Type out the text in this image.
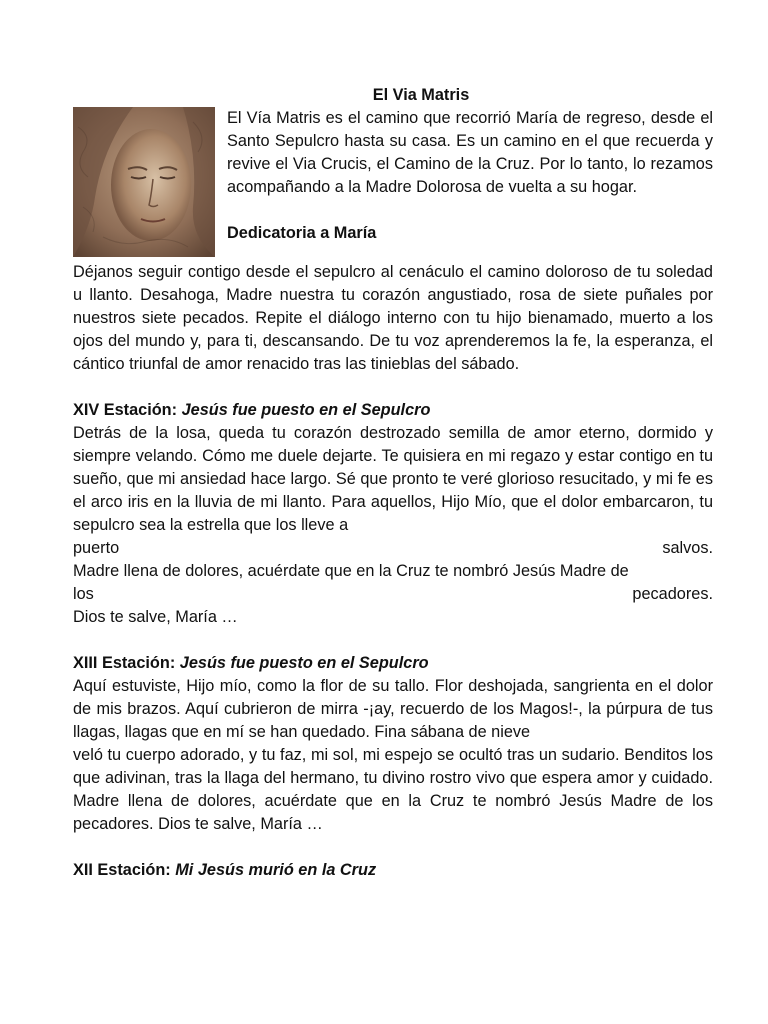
El Via Matris

El Vía Matris es el camino que recorrió María de regreso, desde el Santo Sepulcro hasta su casa. Es un camino en el que recuerda y revive el Via Crucis, el Camino de la Cruz. Por lo tanto, lo rezamos acompañando a la Madre Dolorosa de vuelta a su hogar.

Dedicatoria a María

Déjanos seguir contigo desde el sepulcro al cenáculo el camino doloroso de tu soledad u llanto. Desahoga, Madre nuestra tu corazón angustiado, rosa de siete puñales por nuestros siete pecados. Repite el diálogo interno con tu hijo bienamado, muerto a los ojos del mundo y, para ti, descansando. De tu voz aprenderemos la fe, la esperanza, el cántico triunfal de amor renacido tras las tinieblas del sábado.

XIV Estación: Jesús fue puesto en el Sepulcro

Detrás de la losa, queda tu corazón destrozado semilla de amor eterno, dormido y siempre velando. Cómo me duele dejarte. Te quisiera en mi regazo y estar contigo en tu sueño, que mi ansiedad hace largo. Sé que pronto te veré glorioso resucitado, y mi fe es el arco iris en la lluvia de mi llanto. Para aquellos, Hijo Mío, que el dolor embarcaron, tu sepulcro sea la estrella que los lleve a

puerto salvos.

Madre llena de dolores, acuérdate que en la Cruz te nombró Jesús Madre de

los pecadores.

Dios te salve, María …

XIII Estación: Jesús fue puesto en el Sepulcro

Aquí estuviste, Hijo mío, como la flor de su tallo. Flor deshojada, sangrienta en el dolor de mis brazos. Aquí cubrieron de mirra -¡ay, recuerdo de los Magos!-, la púrpura de tus llagas, llagas que en mí se han quedado. Fina sábana de nieve

veló tu cuerpo adorado, y tu faz, mi sol, mi espejo se ocultó tras un sudario. Benditos los que adivinan, tras la llaga del hermano, tu divino rostro vivo que espera amor y cuidado. Madre llena de dolores, acuérdate que en la Cruz te nombró Jesús Madre de los pecadores. Dios te salve, María …

XII Estación: Mi Jesús murió en la Cruz
